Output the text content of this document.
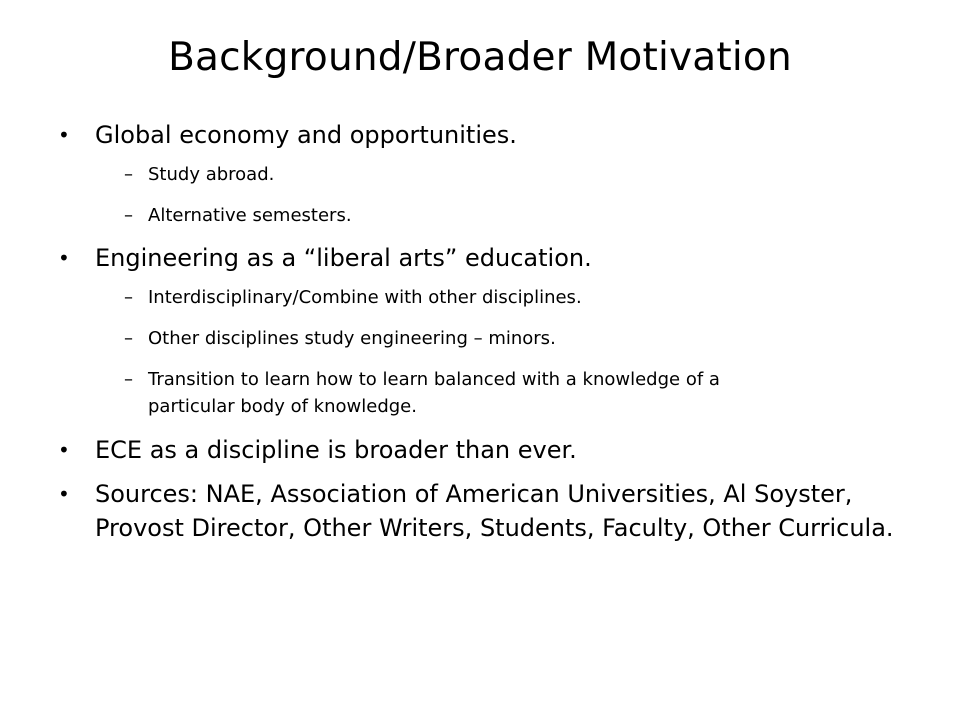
Background/Broader Motivation
•	Global economy and opportunities.
– Study abroad.
– Alternative semesters.
•	Engineering as a “liberal arts” education.
– Interdisciplinary/Combine with other disciplines.
– Other disciplines study engineering – minors.
– Transition to learn how to learn balanced with a knowledge of a particular body of knowledge.
•	ECE as a discipline is broader than ever.
•	Sources: NAE, Association of American Universities, Al Soyster, Provost Director, Other Writers, Students, Faculty, Other Curricula.
